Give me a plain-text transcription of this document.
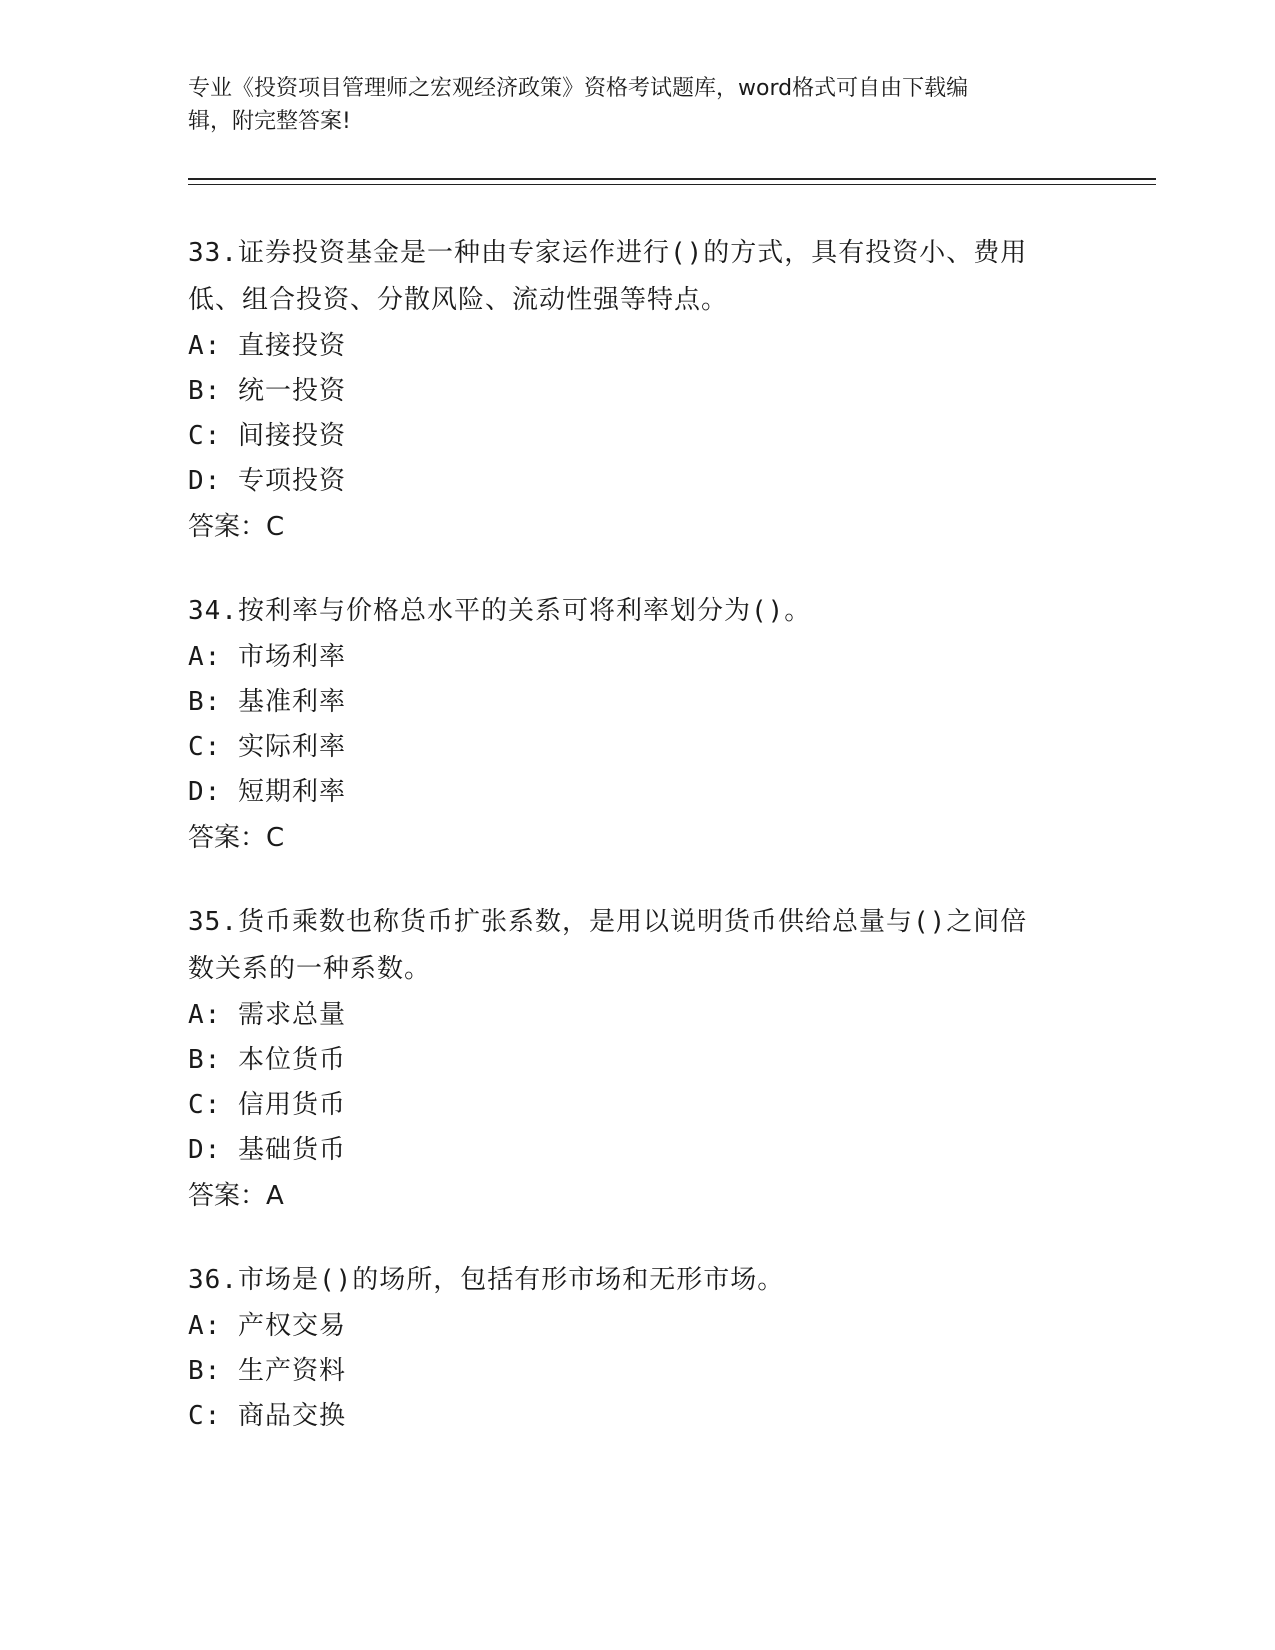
专业《投资项目管理师之宏观经济政策》资格考试题库，word格式可自由下载编
辑，附完整答案!

33.证券投资基金是一种由专家运作进行()的方式，具有投资小、费用

低、组合投资、分散风险、流动性强等特点。

A: 直接投资

B: 统一投资

C: 间接投资

D: 专项投资

答案：C

34.按利率与价格总水平的关系可将利率划分为()。

A: 市场利率

B: 基准利率

C: 实际利率

D: 短期利率

答案：C

35.货币乘数也称货币扩张系数，是用以说明货币供给总量与()之间倍

数关系的一种系数。

A: 需求总量

B: 本位货币

C: 信用货币

D: 基础货币

答案：A

36.市场是()的场所，包括有形市场和无形市场。

A: 产权交易

B: 生产资料

C: 商品交换
